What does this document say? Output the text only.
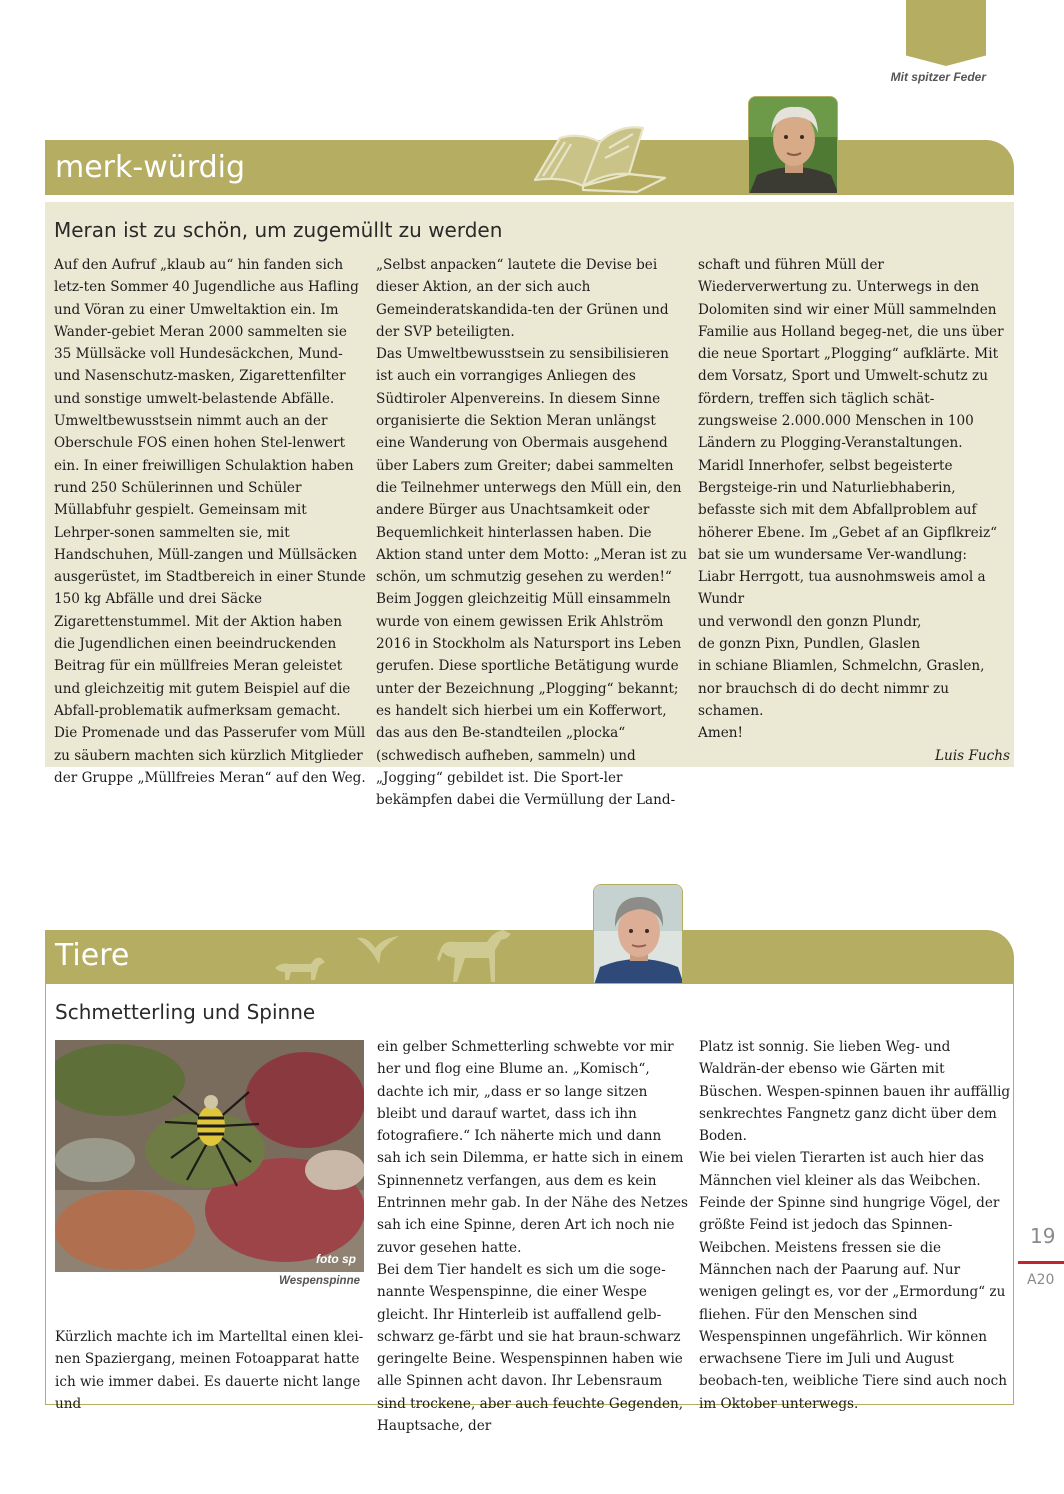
Mit spitzer Feder
merk-würdig
Meran ist zu schön, um zugemüllt zu werden

Auf den Aufruf „klaub au“ hin fanden sich letz-ten Sommer 40 Jugendliche aus Hafling und Vöran zu einer Umweltaktion ein. Im Wander-gebiet Meran 2000 sammelten sie 35 Müllsäcke voll Hundesäckchen, Mund- und Nasenschutz-masken, Zigarettenfilter und sonstige umwelt-belastende Abfälle. Umweltbewusstsein nimmt auch an der Oberschule FOS einen hohen Stel-lenwert ein. In einer freiwilligen Schulaktion haben rund 250 Schülerinnen und Schüler Müllabfuhr gespielt. Gemeinsam mit Lehrper-sonen sammelten sie, mit Handschuhen, Müll-zangen und Müllsäcken ausgerüstet, im Stadtbereich in einer Stunde 150 kg Abfälle und drei Säcke Zigarettenstummel. Mit der Aktion haben die Jugendlichen einen beeindruckenden Beitrag für ein müllfreies Meran geleistet und gleichzeitig mit gutem Beispiel auf die Abfall-problematik aufmerksam gemacht.

Die Promenade und das Passerufer vom Müll zu säubern machten sich kürzlich Mitglieder der Gruppe „Müllfreies Meran“ auf den Weg.

„Selbst anpacken“ lautete die Devise bei dieser Aktion, an der sich auch Gemeinderatskandida-ten der Grünen und der SVP beteiligten.

Das Umweltbewusstsein zu sensibilisieren ist auch ein vorrangiges Anliegen des Südtiroler Alpenvereins. In diesem Sinne organisierte die Sektion Meran unlängst eine Wanderung von Obermais ausgehend über Labers zum Greiter; dabei sammelten die Teilnehmer unterwegs den Müll ein, den andere Bürger aus Unachtsamkeit oder Bequemlichkeit hinterlassen haben. Die Aktion stand unter dem Motto: „Meran ist zu schön, um schmutzig gesehen zu werden!“

Beim Joggen gleichzeitig Müll einsammeln wurde von einem gewissen Erik Ahlström 2016 in Stockholm als Natursport ins Leben gerufen. Diese sportliche Betätigung wurde unter der Bezeichnung „Plogging“ bekannt; es handelt sich hierbei um ein Kofferwort, das aus den Be-standteilen „plocka“ (schwedisch aufheben, sammeln) und „Jogging“ gebildet ist. Die Sport-ler bekämpfen dabei die Vermüllung der Land-

schaft und führen Müll der Wiederverwertung zu. Unterwegs in den Dolomiten sind wir einer Müll sammelnden Familie aus Holland begeg-net, die uns über die neue Sportart „Plogging“ aufklärte. Mit dem Vorsatz, Sport und Umwelt-schutz zu fördern, treffen sich täglich schät-zungsweise 2.000.000 Menschen in 100 Ländern zu Plogging-Veranstaltungen.

Maridl Innerhofer, selbst begeisterte Bergsteige-rin und Naturliebhaberin, befasste sich mit dem Abfallproblem auf höherer Ebene. Im „Gebet af an Gipflkreiz“ bat sie um wundersame Ver-wandlung:

Liabr Herrgott, tua ausnohmsweis amol a Wundr

und verwondl den gonzn Plundr,

de gonzn Pixn, Pundlen, Glaslen

in schiane Bliamlen, Schmelchn, Graslen,

nor brauchsch di do decht nimmr zu schamen.

Amen!

Luis Fuchs

Tiere
Schmetterling und Spinne
foto sp
Wespenspinne

Kürzlich machte ich im Martelltal einen klei-nen Spaziergang, meinen Fotoapparat hatte ich wie immer dabei. Es dauerte nicht lange und

ein gelber Schmetterling schwebte vor mir her und flog eine Blume an. „Komisch“, dachte ich mir, „dass er so lange sitzen bleibt und darauf wartet, dass ich ihn fotografiere.“ Ich näherte mich und dann sah ich sein Dilemma, er hatte sich in einem Spinnennetz verfangen, aus dem es kein Entrinnen mehr gab. In der Nähe des Netzes sah ich eine Spinne, deren Art ich noch nie zuvor gesehen hatte.

Bei dem Tier handelt es sich um die soge-nannte Wespenspinne, die einer Wespe gleicht. Ihr Hinterleib ist auffallend gelb-schwarz ge-färbt und sie hat braun-schwarz geringelte Beine. Wespenspinnen haben wie alle Spinnen acht davon. Ihr Lebensraum sind trockene, aber auch feuchte Gegenden, Hauptsache, der

Platz ist sonnig. Sie lieben Weg- und Waldrän-der ebenso wie Gärten mit Büschen. Wespen-spinnen bauen ihr auffällig senkrechtes Fangnetz ganz dicht über dem Boden.

Wie bei vielen Tierarten ist auch hier das Männchen viel kleiner als das Weibchen. Feinde der Spinne sind hungrige Vögel, der größte Feind ist jedoch das Spinnen-Weibchen. Meistens fressen sie die Männchen nach der Paarung auf. Nur wenigen gelingt es, vor der „Ermordung“ zu fliehen. Für den Menschen sind Wespenspinnen ungefährlich. Wir können erwachsene Tiere im Juli und August beobach-ten, weibliche Tiere sind auch noch im Oktober unterwegs.

19
A20
